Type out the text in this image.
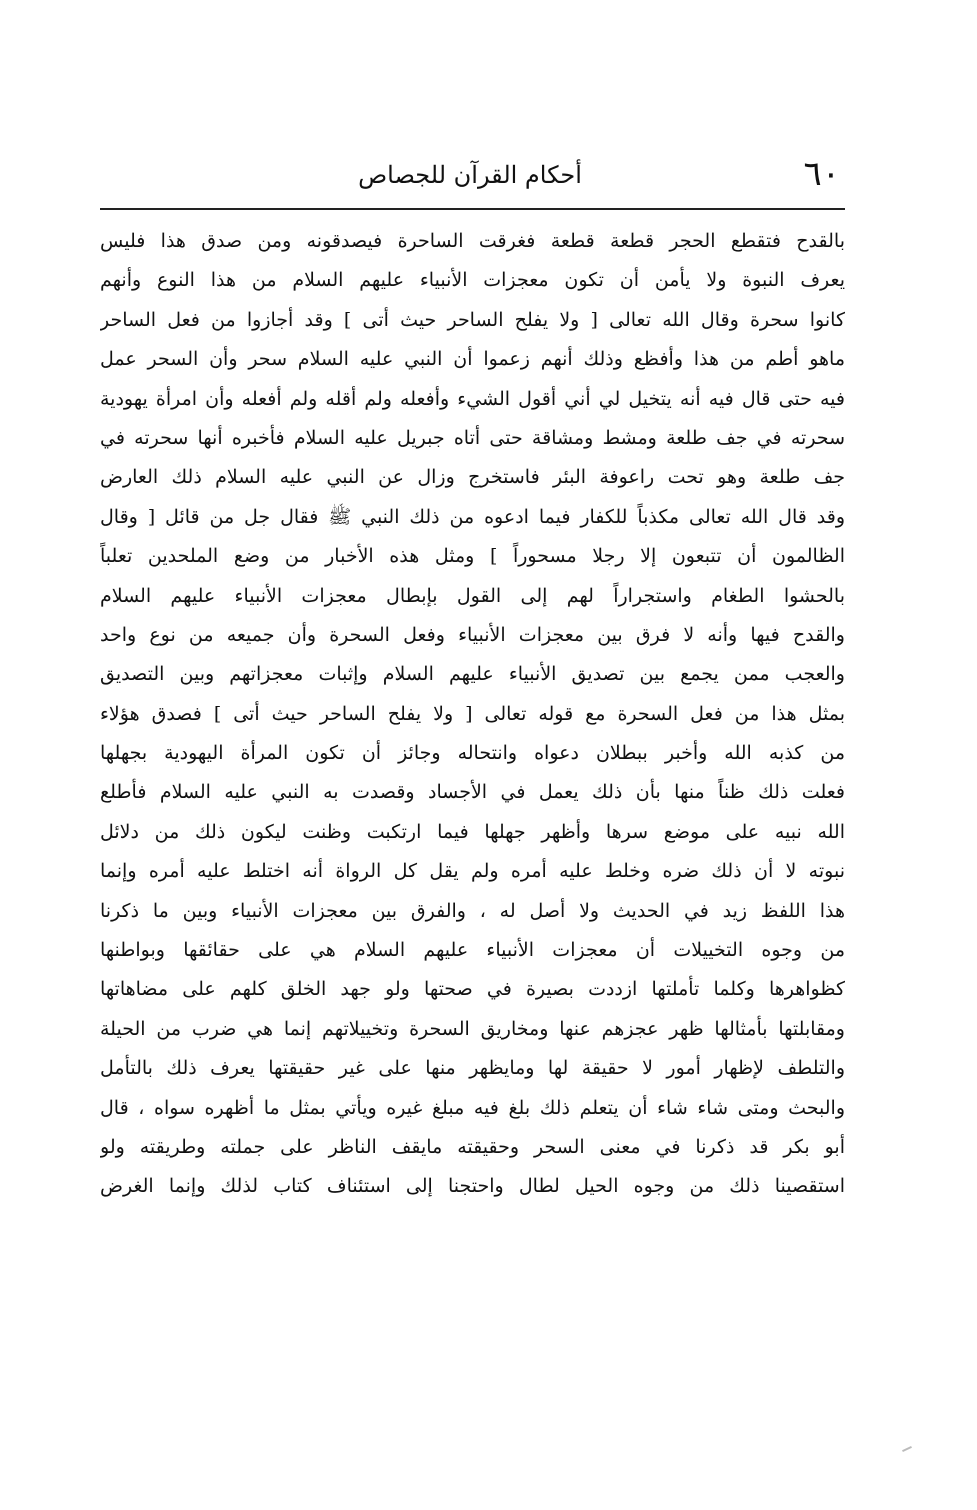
٦٠
أحكام القرآن للجصاص
بالقدح فتقطع الحجر قطعة قطعة فغرقت الساحرة فيصدقونه ومن صدق هذا فليس
يعرف النبوة ولا يأمن أن تكون معجزات الأنبياء عليهم السلام من هذا النوع وأنهم
كانوا سحرة وقال الله تعالى [ ولا يفلح الساحر حيث أتى ] وقد أجازوا من فعل الساحر
ماهو أطم من هذا وأفظع وذلك أنهم زعموا أن النبي عليه السلام سحر وأن السحر عمل
فيه حتى قال فيه أنه يتخيل لي أني أقول الشيء وأفعله ولم أقله ولم أفعله وأن امرأة يهودية
سحرته في جف طلعة ومشط ومشاقة حتى أتاه جبريل عليه السلام فأخبره أنها سحرته في
جف طلعة وهو تحت راعوفة البئر فاستخرج وزال عن النبي عليه السلام ذلك العارض
وقد قال الله تعالى مكذباً للكفار فيما ادعوه من ذلك النبي ﷺ فقال جل من قائل [ وقال
الظالمون أن تتبعون إلا رجلا مسحوراً ] ومثل هذه الأخبار من وضع الملحدين تعلباً
بالحشوا الطغام واستجراراً لهم إلى القول بإبطال معجزات الأنبياء عليهم السلام
والقدح فيها وأنه لا فرق بين معجزات الأنبياء وفعل السحرة وأن جميعه من نوع واحد
والعجب ممن يجمع بين تصديق الأنبياء عليهم السلام وإثبات معجزاتهم وبين التصديق
بمثل هذا من فعل السحرة مع قوله تعالى [ ولا يفلح الساحر حيث أتى ] فصدق هؤلاء
من كذبه الله وأخبر ببطلان دعواه وانتحاله وجائز أن تكون المرأة اليهودية بجهلها
فعلت ذلك ظناً منها بأن ذلك يعمل في الأجساد وقصدت به النبي عليه السلام فأطلع
الله نبيه على موضع سرها وأظهر جهلها فيما ارتكبت وظنت ليكون ذلك من دلائل
نبوته لا أن ذلك ضره وخلط عليه أمره ولم يقل كل الرواة أنه اختلط عليه أمره وإنما
هذا اللفظ زيد في الحديث ولا أصل له ، والفرق بين معجزات الأنبياء وبين ما ذكرنا
من وجوه التخييلات أن معجزات الأنبياء عليهم السلام هي على حقائقها وبواطنها
كظواهرها وكلما تأملتها ازددت بصيرة في صحتها ولو جهد الخلق كلهم على مضاهاتها
ومقابلتها بأمثالها ظهر عجزهم عنها ومخاريق السحرة وتخييلاتهم إنما هي ضرب من الحيلة
والتلطف لإظهار أمور لا حقيقة لها ومايظهر منها على غير حقيقتها يعرف ذلك بالتأمل
والبحث ومتى شاء شاء أن يتعلم ذلك بلغ فيه مبلغ غيره ويأتي بمثل ما أظهره سواه ، قال
أبو بكر قد ذكرنا في معنى السحر وحقيقته مايقف الناظر على جملته وطريقته ولو
استقصينا ذلك من وجوه الحيل لطال واحتجنا إلى استئناف كتاب لذلك وإنما الغرض
